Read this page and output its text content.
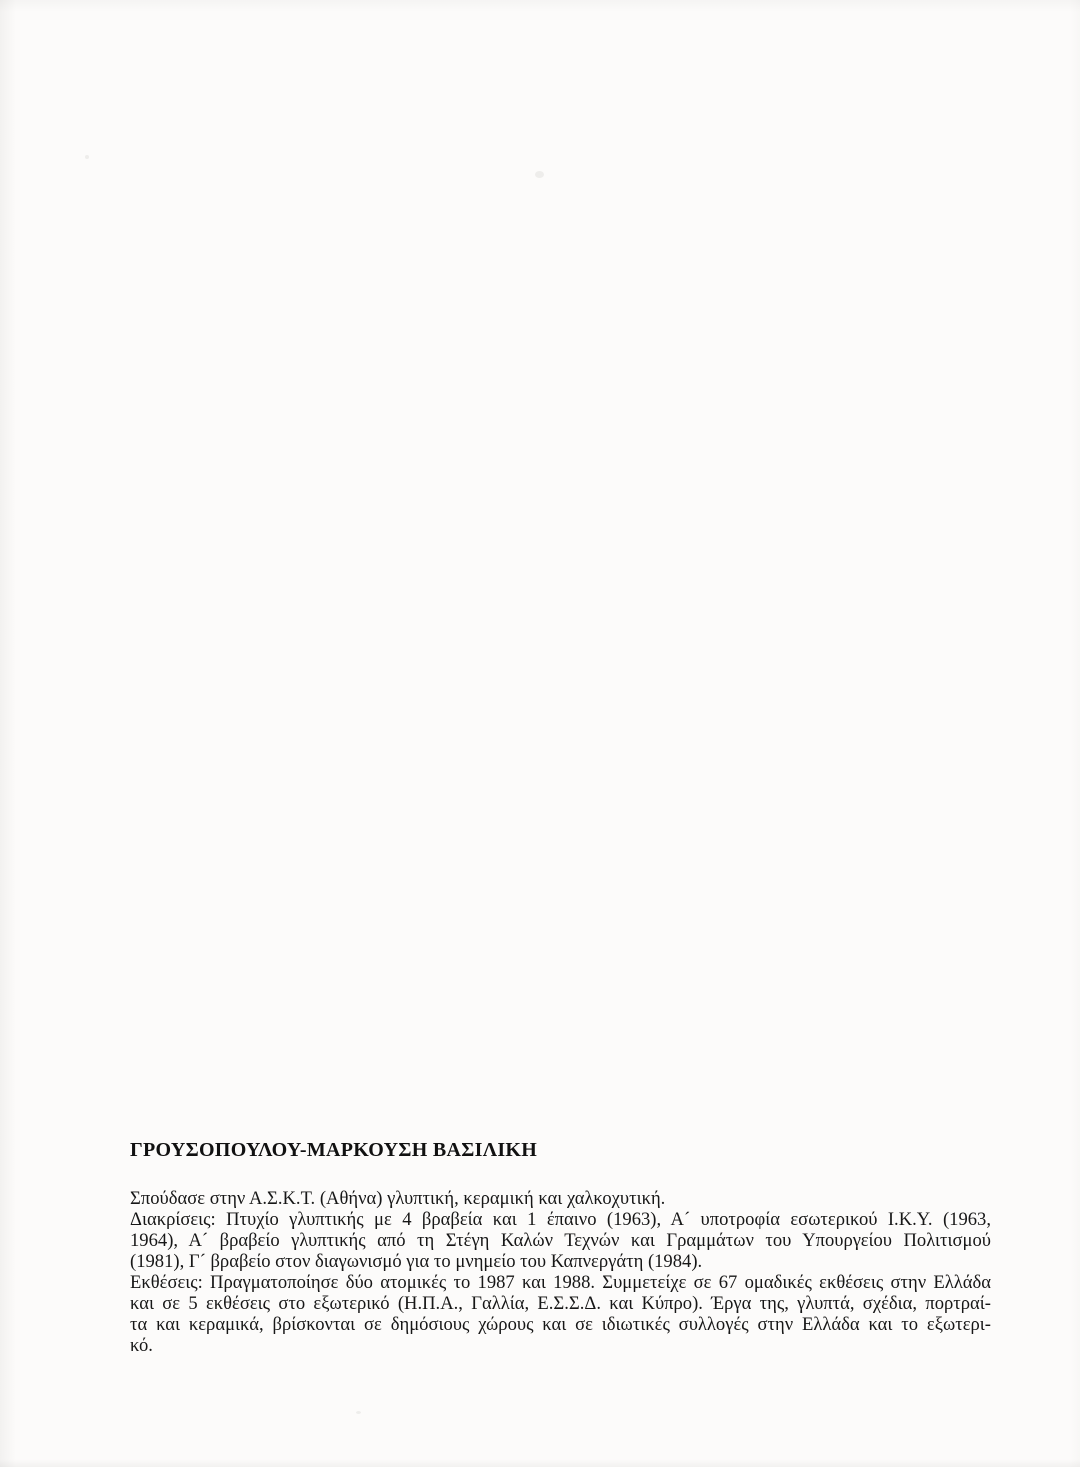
ΓΡΟΥΣΟΠΟΥΛΟΥ-ΜΑΡΚΟΥΣΗ ΒΑΣΙΛΙΚΗ
Σπούδασε στην Α.Σ.Κ.Τ. (Αθήνα) γλυπτική, κεραμική και χαλκοχυτική.
Διακρίσεις: Πτυχίο γλυπτικής με 4 βραβεία και 1 έπαινο (1963), Α´ υποτροφία εσωτερικού Ι.Κ.Υ. (1963,
1964), Α´ βραβείο γλυπτικής από τη Στέγη Καλών Τεχνών και Γραμμάτων του Υπουργείου Πολιτισμού
(1981), Γ´ βραβείο στον διαγωνισμό για το μνημείο του Καπνεργάτη (1984).
Εκθέσεις: Πραγματοποίησε δύο ατομικές το 1987 και 1988. Συμμετείχε σε 67 ομαδικές εκθέσεις στην Ελλάδα
και σε 5 εκθέσεις στο εξωτερικό (Η.Π.Α., Γαλλία, Ε.Σ.Σ.Δ. και Κύπρο). Έργα της, γλυπτά, σχέδια, πορτραί-
τα και κεραμικά, βρίσκονται σε δημόσιους χώρους και σε ιδιωτικές συλλογές στην Ελλάδα και το εξωτερι-
κό.
